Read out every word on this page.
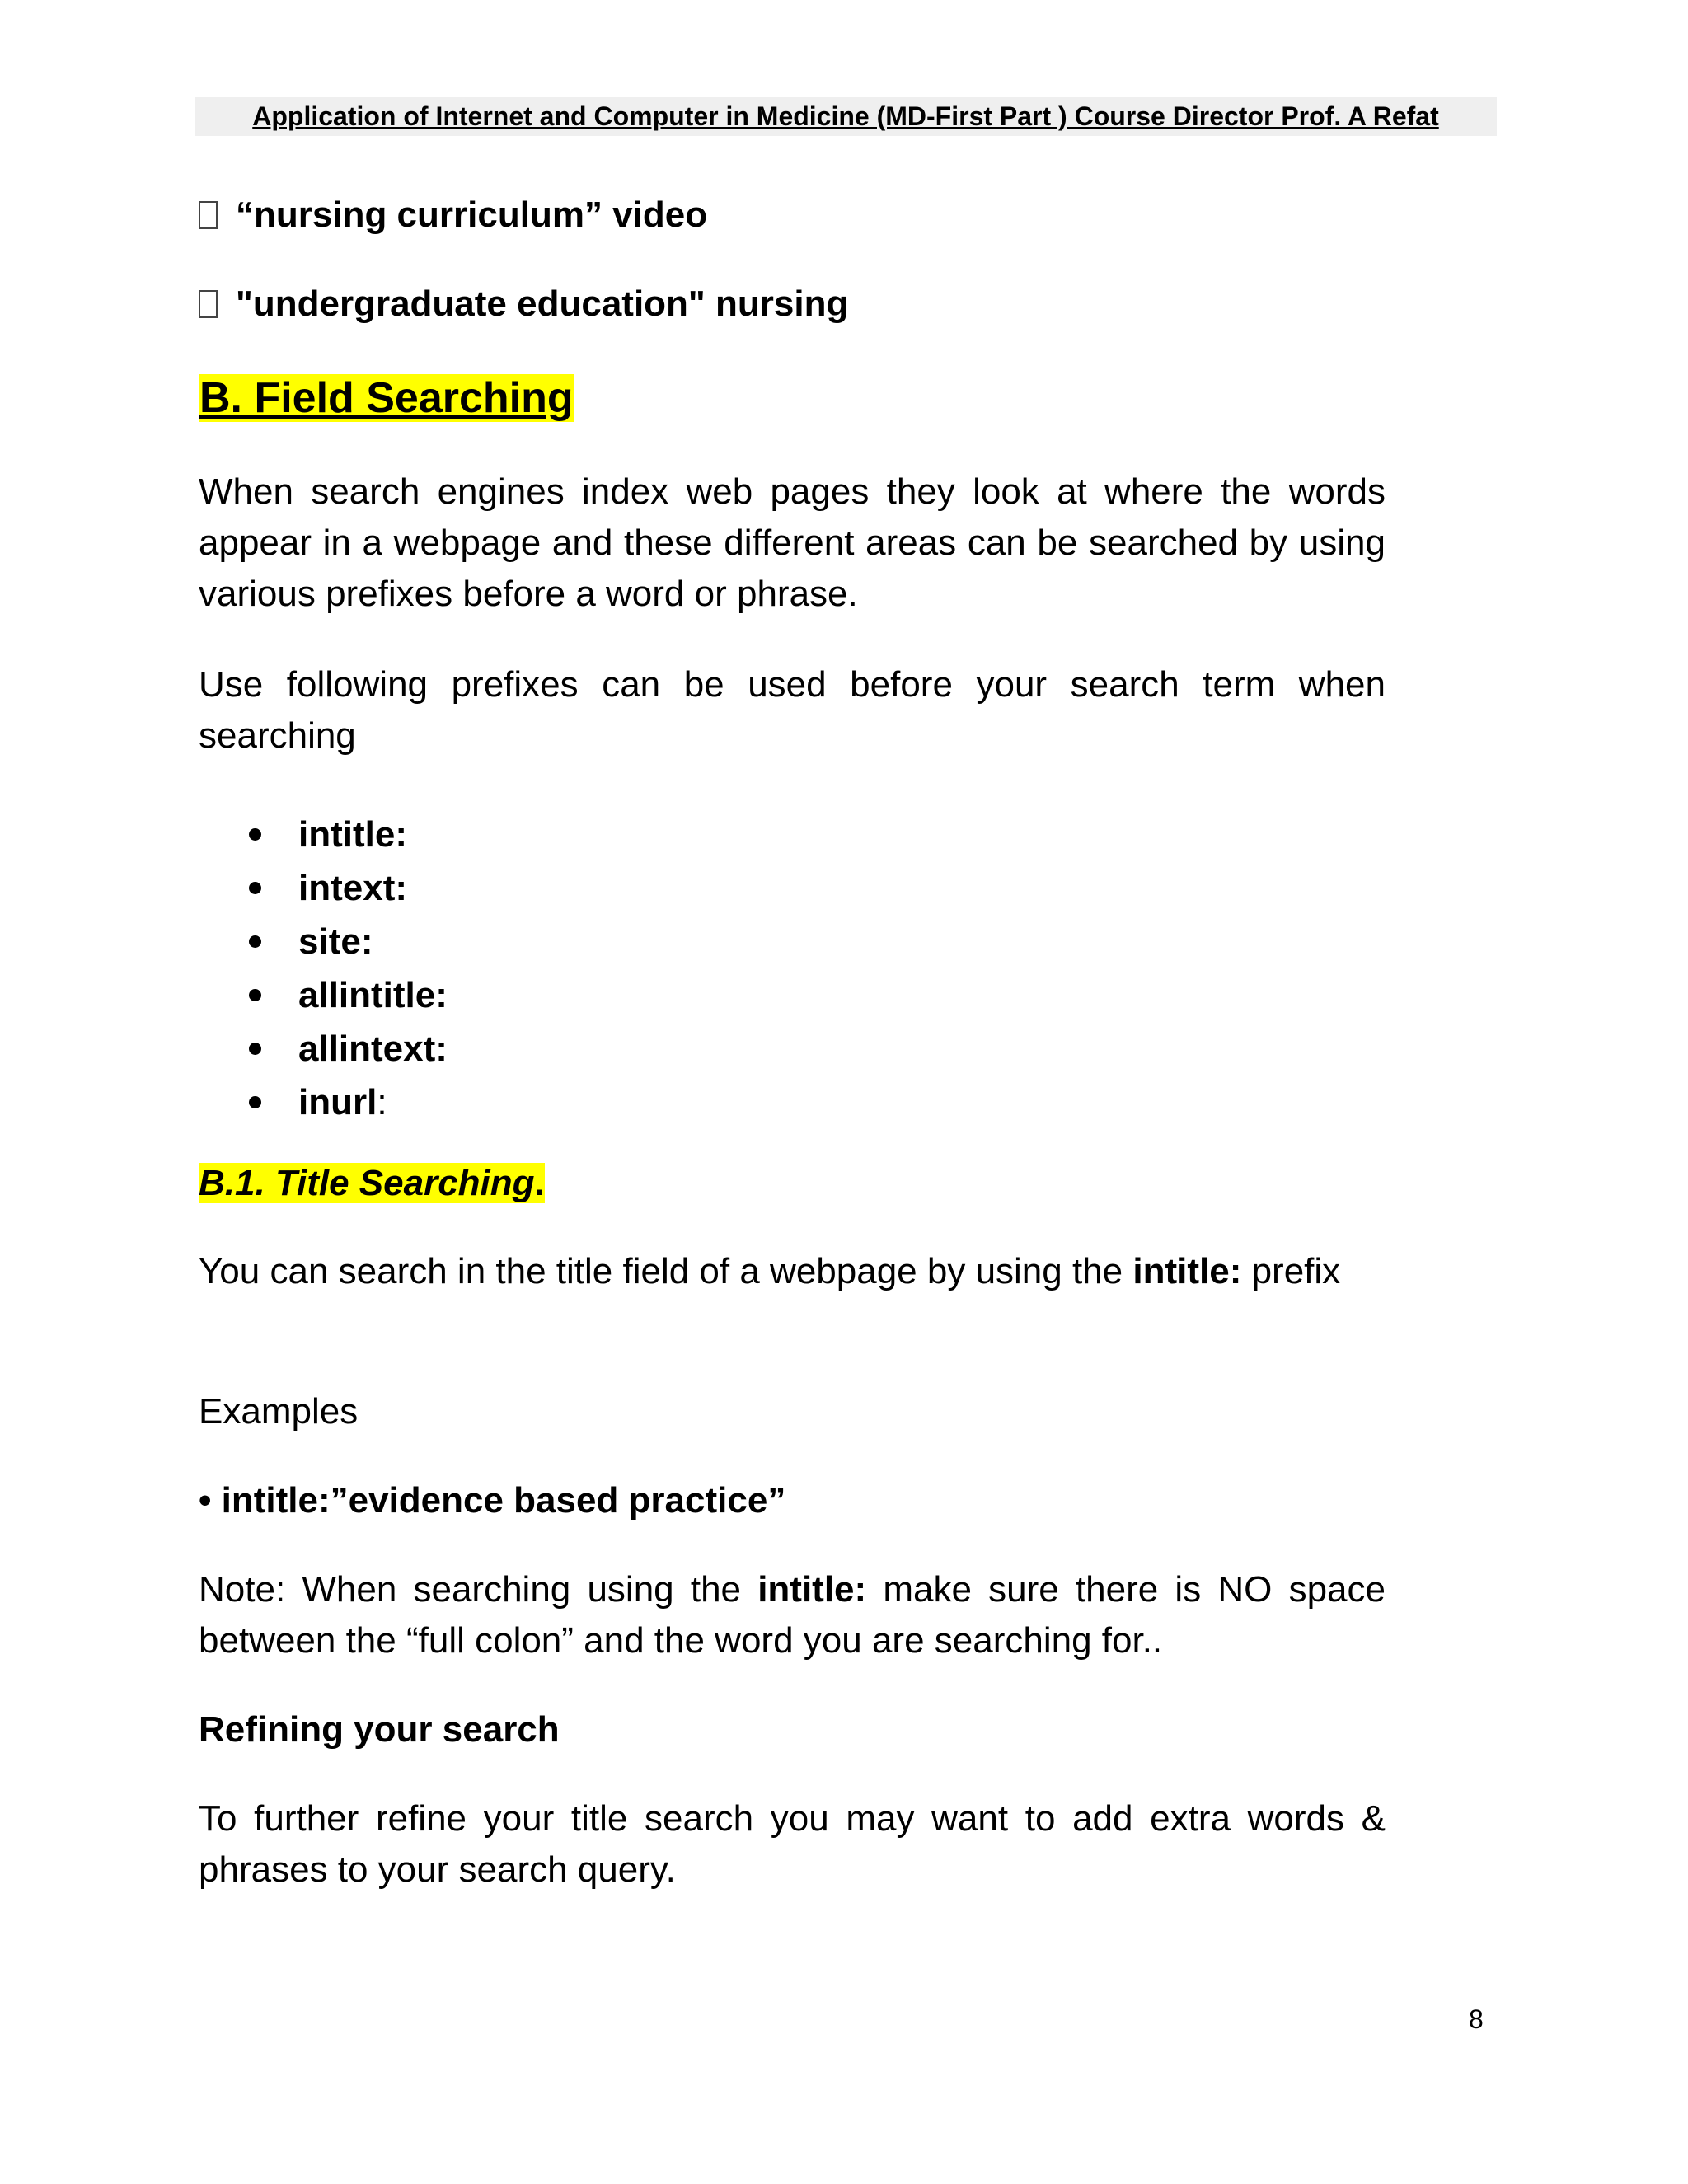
Application of Internet and Computer in Medicine (MD-First Part ) Course Director Prof. A Refat
“nursing curriculum” video
"undergraduate education" nursing
B. Field Searching

When search engines index web pages they look at where the words appear in a webpage and these different areas can be searched by using various prefixes before a word or phrase.

Use following prefixes can be used before your search term when searching

intitle:
intext:
site:
allintitle:
allintext:
inurl :
B.1. Title Searching.

You can search in the title field of a webpage by using the intitle: prefix

Examples

• intitle:”evidence based practice”

Note: When searching using the intitle: make sure there is NO space between the “full colon” and the word you are searching for..

Refining your search

To further refine your title search you may want to add extra words & phrases to your search query.

8
